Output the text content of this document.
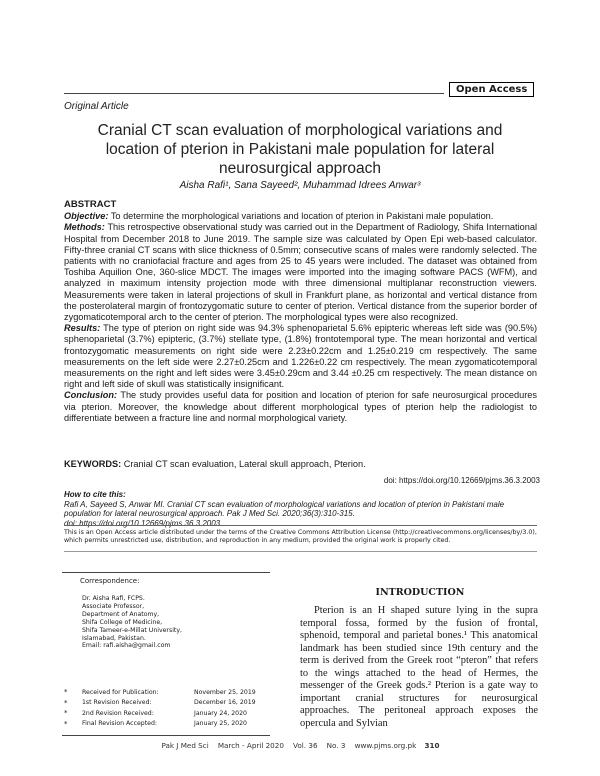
Open Access
Original Article
Cranial CT scan evaluation of morphological variations and location of pterion in Pakistani male population for lateral neurosurgical approach
Aisha Rafi¹, Sana Sayeed², Muhammad Idrees Anwar³

ABSTRACT

Objective: To determine the morphological variations and location of pterion in Pakistani male population.

Methods: This retrospective observational study was carried out in the Department of Radiology, Shifa International Hospital from December 2018 to June 2019. The sample size was calculated by Open Epi web-based calculator. Fifty-three cranial CT scans with slice thickness of 0.5mm; consecutive scans of males were randomly selected. The patients with no craniofacial fracture and ages from 25 to 45 years were included. The dataset was obtained from Toshiba Aquilion One, 360-slice MDCT. The images were imported into the imaging software PACS (WFM), and analyzed in maximum intensity projection mode with three dimensional multiplanar reconstruction viewers. Measurements were taken in lateral projections of skull in Frankfurt plane, as horizontal and vertical distance from the posterolateral margin of frontozygomatic suture to center of pterion. Vertical distance from the superior border of zygomaticotemporal arch to the center of pterion. The morphological types were also recognized.

Results: The type of pterion on right side was 94.3% sphenoparietal 5.6% epipteric whereas left side was (90.5%) sphenoparietal (3.7%) epipteric, (3.7%) stellate type, (1.8%) frontotemporal type. The mean horizontal and vertical frontozygomatic measurements on right side were 2.23±0.22cm and 1.25±0.219 cm respectively. The same measurements on the left side were 2.27±0.25cm and 1.226±0.22 cm respectively. The mean zygomaticotemporal measurements on the right and left sides were 3.45±0.29cm and 3.44 ±0.25 cm respectively. The mean distance on right and left side of skull was statistically insignificant.

Conclusion: The study provides useful data for position and location of pterion for safe neurosurgical procedures via pterion. Moreover, the knowledge about different morphological types of pterion help the radiologist to differentiate between a fracture line and normal morphological variety.

KEYWORDS: Cranial CT scan evaluation, Lateral skull approach, Pterion.
doi: https://doi.org/10.12669/pjms.36.3.2003
How to cite this:
Rafi A, Sayeed S, Anwar MI. Cranial CT scan evaluation of morphological variations and location of pterion in Pakistani male population for lateral neurosurgical approach. Pak J Med Sci. 2020;36(3):310-315.
doi: https://doi.org/10.12669/pjms.36.3.2003
This is an Open Access article distributed under the terms of the Creative Commons Attribution License (http://creativecommons.org/licenses/by/3.0), which permits unrestricted use, distribution, and reproduction in any medium, provided the original work is properly cited.
Correspondence:
Dr. Aisha Rafi, FCPS.
Associate Professor,
Department of Anatomy,
Shifa College of Medicine,
Shifa Tameer-e-Millat University,
Islamabad, Pakistan.
Email: rafi.aisha@gmail.com
*	Received for Publication:	November 25, 2019
*	1st Revision Received:	December 16, 2019
*	2nd Revision Received:	January 24, 2020
*	Final Revision Accepted:	January 25, 2020
INTRODUCTION

Pterion is an H shaped suture lying in the supra temporal fossa, formed by the fusion of frontal, sphenoid, temporal and parietal bones.¹ This anatomical landmark has been studied since 19th century and the term is derived from the Greek root “pteron” that refers to the wings attached to the head of Hermes, the messenger of the Greek gods.² Pterion is a gate way to important cranial structures for neurosurgical approaches. The peritoneal approach exposes the opercula and Sylvian

Pak J Med Sci March - April 2020 Vol. 36 No. 3 www.pjms.org.pk 310
